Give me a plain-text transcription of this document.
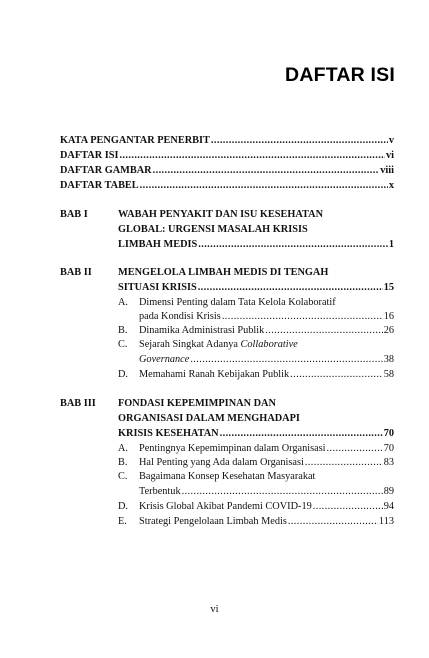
DAFTAR ISI
KATA PENGANTAR PENERBIT .....	v
DAFTAR ISI .....	vi
DAFTAR GAMBAR .....	viii
DAFTAR TABEL .....	x
BAB I	WABAH PENYAKIT DAN ISU KESEHATAN
GLOBAL: URGENSI MASALAH KRISIS
LIMBAH MEDIS .....	1
BAB II	MENGELOLA LIMBAH MEDIS DI TENGAH
SITUASI KRISIS .....	15
A. Dimensi Penting dalam Tata Kelola Kolaboratif
pada Kondisi Krisis .....	16
B. Dinamika Administrasi Publik .....	26
C. Sejarah Singkat Adanya Collaborative
Governance .....	38
D. Memahami Ranah Kebijakan Publik .....	58
BAB III FONDASI KEPEMIMPINAN DAN
ORGANISASI DALAM MENGHADAPI
KRISIS KESEHATAN .....	70
A. Pentingnya Kepemimpinan dalam Organisasi .....	70
B. Hal Penting yang Ada dalam Organisasi .....	83
C. Bagaimana Konsep Kesehatan Masyarakat
Terbentuk .....	89
D. Krisis Global Akibat Pandemi COVID-19 .....	94
E. Strategi Pengelolaan Limbah Medis .....	113
vi
